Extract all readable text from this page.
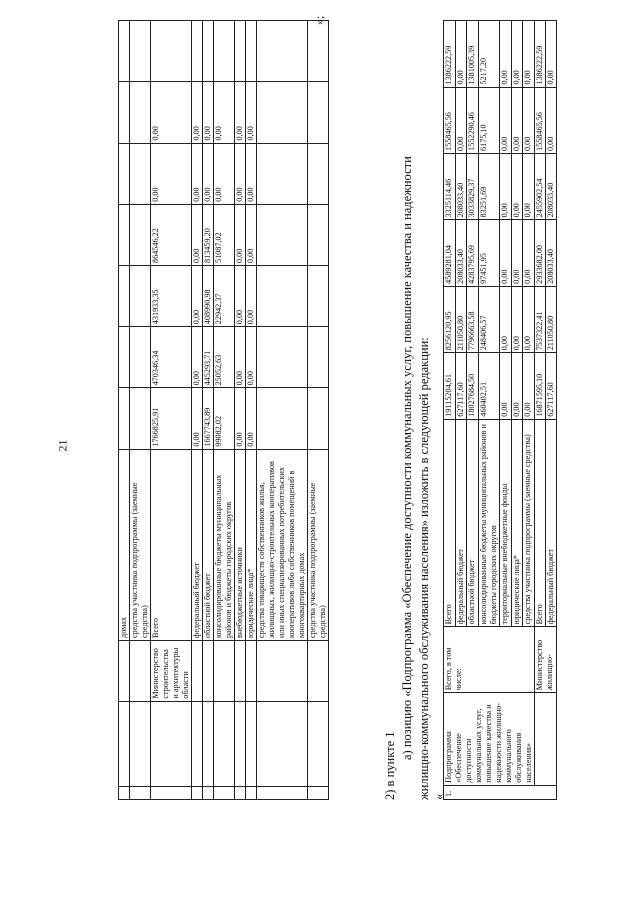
21
			домах							
			средства участника подпрограммы (заемные средства)							
		Министерство строительства и архитектуры области	Всего	1766825,91	470346,34	431933,35	864546,22	0,00	0,00	
			федеральный бюджет	0,00	0,00	0,00	0,00	0,00	0,00	
			областной бюджет	1667743,89	445293,71	408990,98	813459,20	0,00	0,00	
			консолидированные бюджеты муниципальных районов и бюджеты городских округов	99082,02	25052,63	22942,37	51087,02	0,00	0,00	
			внебюджетные источники	0,00	0,00	0,00	0,00	0,00	0,00	
			юридические лица*	0,00	0,00	0,00	0,00	0,00	0,00	
			средства товариществ собственников жилья, жилищных, жилищно-строительных кооперативов или иных специализированных потребительских кооперативов либо собственников помещений в многоквартирных домах							
			средства участника подпрограммы (заемные средства)							
»;
2) в пункте 1
а) позицию «Подпрограмма «Обеспечение доступности коммунальных услуг, повышение качества и надежности жилищно-коммунального обслуживания населения» изложить в следующей редакции: «
1.	Подпрограмма «Обеспечение доступности коммунальных услуг, повышение качества и надежности жилищно-коммунального обслуживания населения»	Всего, в том числе:	Всего	19115204,61	8256120,95	4589281,04	3325114,46	1558465,56	1386222,59
			федеральный бюджет	627117,60	211050,80	208033,40	208033,40	0,00	0,00
			областной бюджет	18027684,50	7796663,58	4283795,69	3033829,37	1552290,46	1381005,39
			консолидированные бюджеты муниципальных районов и бюджеты городских округов	460402,51	248406,57	97451,95	83251,69	6175,10	5217,20
			территориальные внебюджетные фонды	0,00	0,00	0,00	0,00	0,00	0,00
			юридические лица*	0,00	0,00	0,00	0,00	0,00	0,00
			средства участника подпрограммы (заемные средства)	0,00	0,00	0,00	0,00	0,00	0,00
		Министерство жилищно-	Всего	16871595,10	7537322,41	2933682,00	2455902,54	1558465,56	1386222,59
			федеральный бюджет	627117,60	211050,80	208033,40	208033,40	0,00	0,00
